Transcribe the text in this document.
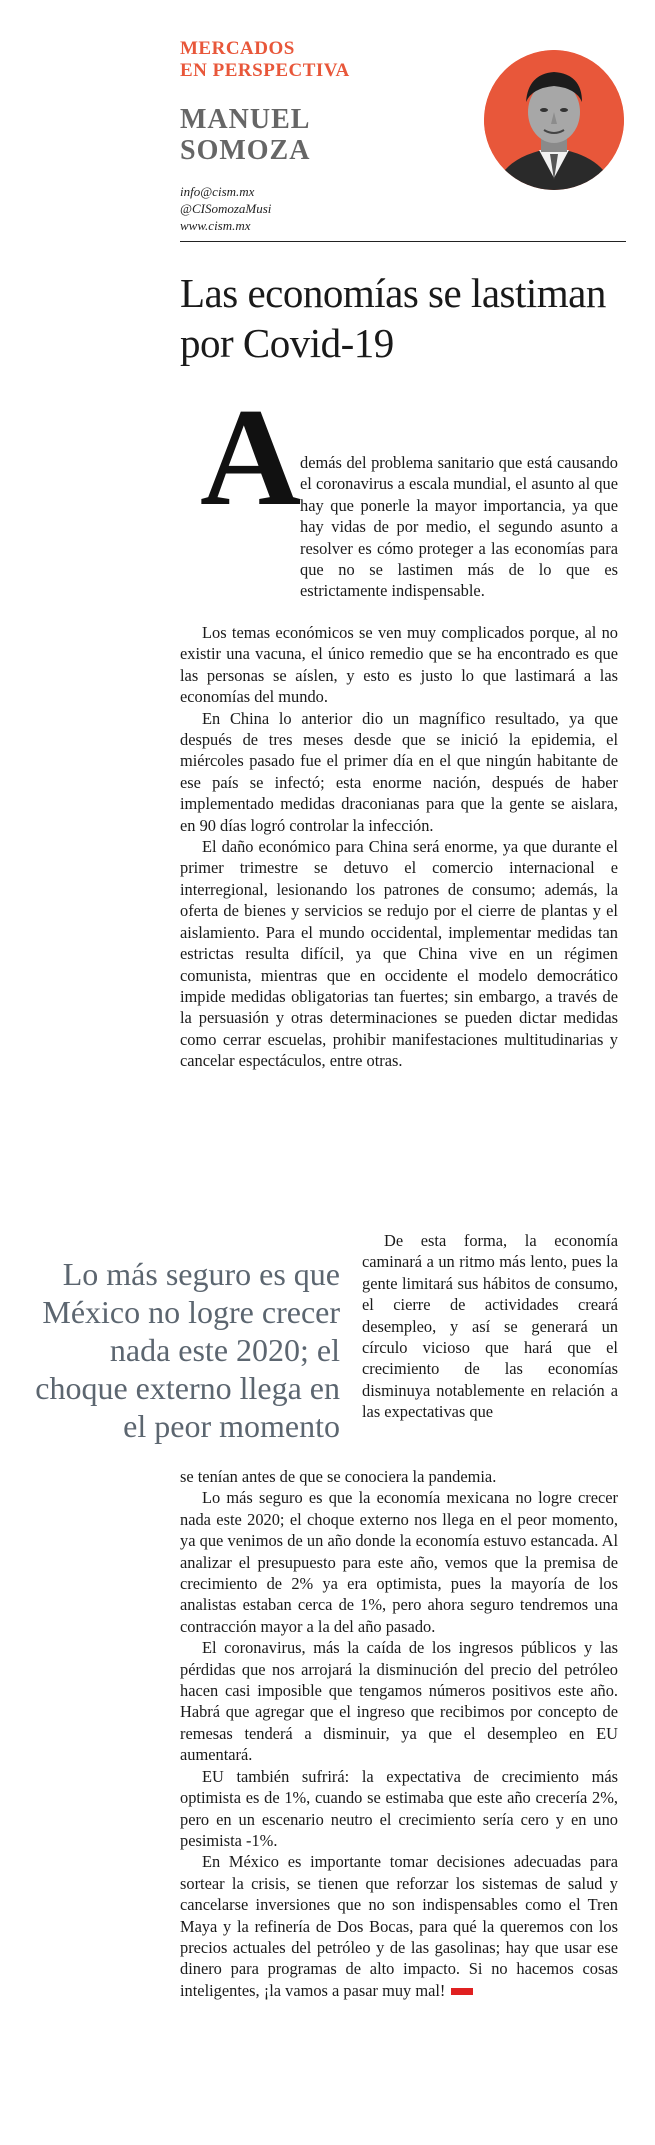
MERCADOS
EN PERSPECTIVA
MANUEL
SOMOZA
info@cism.mx
@CISomozaMusi
www.cism.mx
Las economías se lastiman por Covid-19
A

demás del problema sanitario que está causando el coronavirus a escala mundial, el asunto al que hay que ponerle la mayor importancia, ya que hay vidas de por medio, el segundo asunto a resolver es cómo proteger a las economías para que no se lastimen más de lo que es estrictamente indispensable.

Los temas económicos se ven muy complicados porque, al no existir una vacuna, el único remedio que se ha encontrado es que las personas se aíslen, y esto es justo lo que lastimará a las economías del mundo.

En China lo anterior dio un magnífico resultado, ya que después de tres meses desde que se inició la epidemia, el miércoles pasado fue el primer día en el que ningún habitante de ese país se infectó; esta enorme nación, después de haber implementado medidas draconianas para que la gente se aislara, en 90 días logró controlar la infección.

El daño económico para China será enorme, ya que durante el primer trimestre se detuvo el comercio internacional e interregional, lesionando los patrones de consumo; además, la oferta de bienes y servicios se redujo por el cierre de plantas y el aislamiento. Para el mundo occidental, implementar medidas tan estrictas resulta difícil, ya que China vive en un régimen comunista, mientras que en occidente el modelo democrático impide medidas obligatorias tan fuertes; sin embargo, a través de la persuasión y otras determinaciones se pueden dictar medidas como cerrar escuelas, prohibir manifestaciones multitudinarias y cancelar espectáculos, entre otras.

Lo más seguro es que México no logre crecer nada este 2020; el choque externo llega en el peor momento

De esta forma, la economía caminará a un ritmo más lento, pues la gente limitará sus hábitos de consumo, el cierre de actividades creará desempleo, y así se generará un círculo vicioso que hará que el crecimiento de las economías disminuya notablemente en relación a las expectativas que

se tenían antes de que se conociera la pandemia.

Lo más seguro es que la economía mexicana no logre crecer nada este 2020; el choque externo nos llega en el peor momento, ya que venimos de un año donde la economía estuvo estancada. Al analizar el presupuesto para este año, vemos que la premisa de crecimiento de 2% ya era optimista, pues la mayoría de los analistas estaban cerca de 1%, pero ahora seguro tendremos una contracción mayor a la del año pasado.

El coronavirus, más la caída de los ingresos públicos y las pérdidas que nos arrojará la disminución del precio del petróleo hacen casi imposible que tengamos números positivos este año. Habrá que agregar que el ingreso que recibimos por concepto de remesas tenderá a disminuir, ya que el desempleo en EU aumentará.

EU también sufrirá: la expectativa de crecimiento más optimista es de 1%, cuando se estimaba que este año crecería 2%, pero en un escenario neutro el crecimiento sería cero y en uno pesimista -1%.

En México es importante tomar decisiones adecuadas para sortear la crisis, se tienen que reforzar los sistemas de salud y cancelarse inversiones que no son indispensables como el Tren Maya y la refinería de Dos Bocas, para qué la queremos con los precios actuales del petróleo y de las gasolinas; hay que usar ese dinero para programas de alto impacto. Si no hacemos cosas inteligentes, ¡la vamos a pasar muy mal!
